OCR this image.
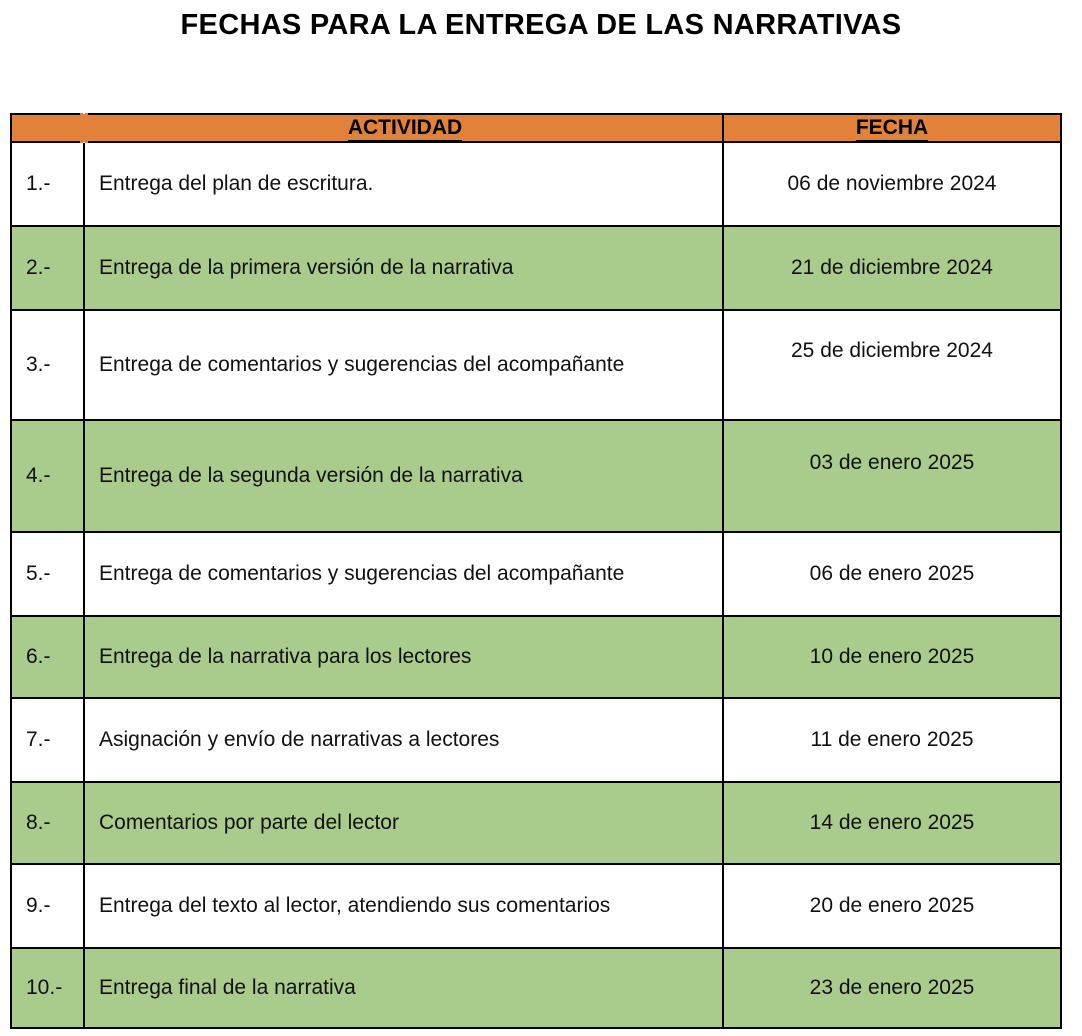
FECHAS PARA LA ENTREGA DE LAS NARRATIVAS
	ACTIVIDAD	FECHA
1.-	Entrega del plan de escritura.	06 de noviembre 2024
2.-	Entrega de la primera versión de la narrativa	21 de diciembre 2024
3.-	Entrega de comentarios y sugerencias del acompañante	25 de diciembre 2024
4.-	Entrega de la segunda versión de la narrativa	03 de enero 2025
5.-	Entrega de comentarios y sugerencias del acompañante	06 de enero 2025
6.-	Entrega de la narrativa para los lectores	10 de enero 2025
7.-	Asignación y envío de narrativas a lectores	11 de enero 2025
8.-	Comentarios por parte del lector	14 de enero 2025
9.-	Entrega del texto al lector, atendiendo sus comentarios	20 de enero 2025
10.-	Entrega final de la narrativa	23 de enero 2025
